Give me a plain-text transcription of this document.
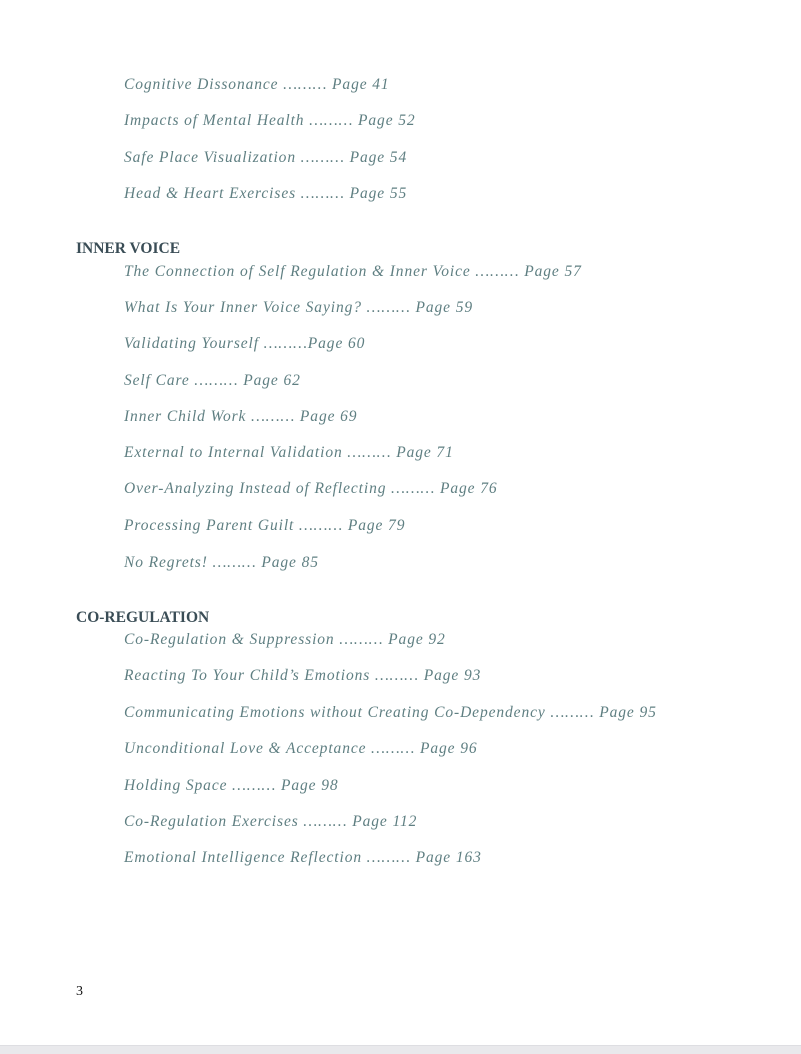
Cognitive Dissonance ……… Page 41
Impacts of Mental Health ……… Page 52
Safe Place Visualization ……… Page 54
Head & Heart Exercises ……… Page 55
INNER VOICE
The Connection of Self Regulation & Inner Voice ……… Page 57
What Is Your Inner Voice Saying? ……… Page 59
Validating Yourself ………Page 60
Self Care ……… Page 62
Inner Child Work ……… Page 69
External to Internal Validation ……… Page 71
Over-Analyzing Instead of Reflecting ……… Page 76
Processing Parent Guilt ……… Page 79
No Regrets! ……… Page 85
CO-REGULATION
Co-Regulation & Suppression ……… Page 92
Reacting To Your Child’s Emotions ……… Page 93
Communicating Emotions without Creating Co-Dependency ……… Page 95
Unconditional Love & Acceptance ……… Page 96
Holding Space ……… Page 98
Co-Regulation Exercises ……… Page 112
Emotional Intelligence Reflection ……… Page 163
3
